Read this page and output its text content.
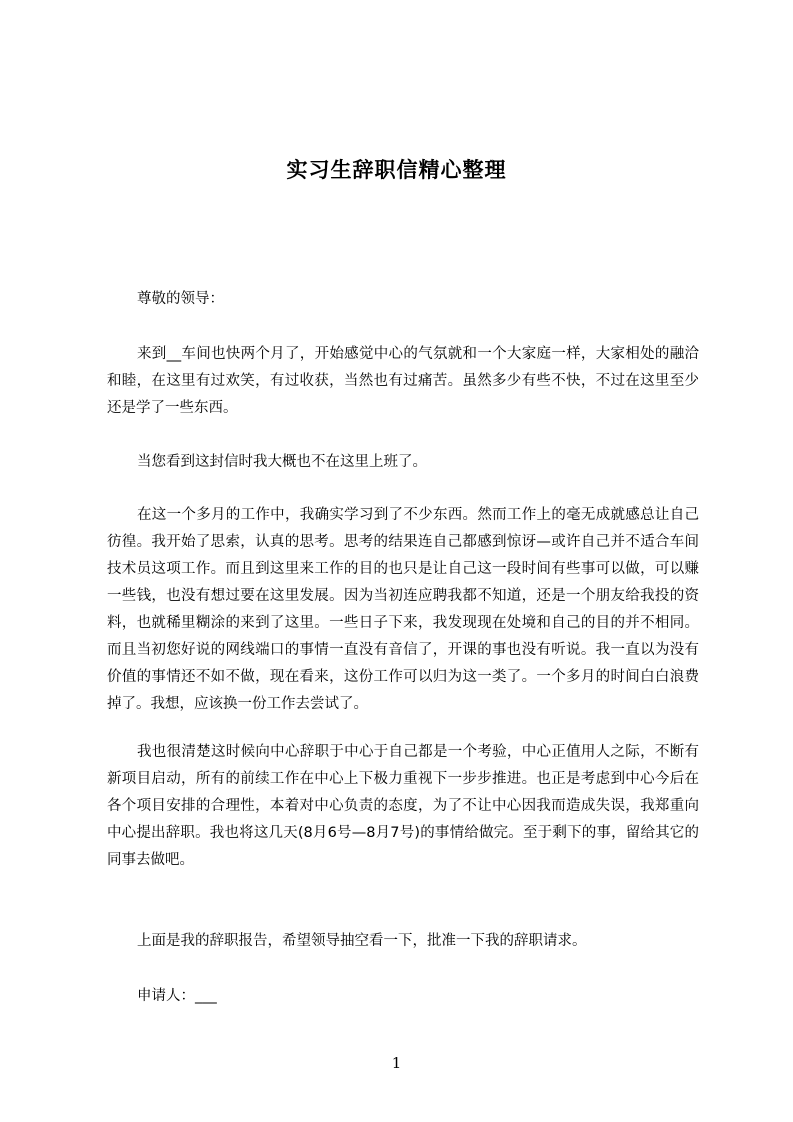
实习生辞职信精心整理

尊敬的领导：

来到__车间也快两个月了，开始感觉中心的气氛就和一个大家庭一样，大家相处的融洽和睦，在这里有过欢笑，有过收获，当然也有过痛苦。虽然多少有些不快，不过在这里至少还是学了一些东西。

当您看到这封信时我大概也不在这里上班了。

在这一个多月的工作中，我确实学习到了不少东西。然而工作上的毫无成就感总让自己彷徨。我开始了思索，认真的思考。思考的结果连自己都感到惊讶—或许自己并不适合车间技术员这项工作。而且到这里来工作的目的也只是让自己这一段时间有些事可以做，可以赚一些钱，也没有想过要在这里发展。因为当初连应聘我都不知道，还是一个朋友给我投的资料，也就稀里糊涂的来到了这里。一些日子下来，我发现现在处境和自己的目的并不相同。而且当初您好说的网线端口的事情一直没有音信了，开课的事也没有听说。我一直以为没有价值的事情还不如不做，现在看来，这份工作可以归为这一类了。一个多月的时间白白浪费掉了。我想，应该换一份工作去尝试了。

我也很清楚这时候向中心辞职于中心于自己都是一个考验，中心正值用人之际，不断有新项目启动，所有的前续工作在中心上下极力重视下一步步推进。也正是考虑到中心今后在各个项目安排的合理性，本着对中心负责的态度，为了不让中心因我而造成失误，我郑重向中心提出辞职。我也将这几天(8月6号—8月7号)的事情给做完。至于剩下的事，留给其它的同事去做吧。

上面是我的辞职报告，希望领导抽空看一下，批准一下我的辞职请求。

申请人：___

1
